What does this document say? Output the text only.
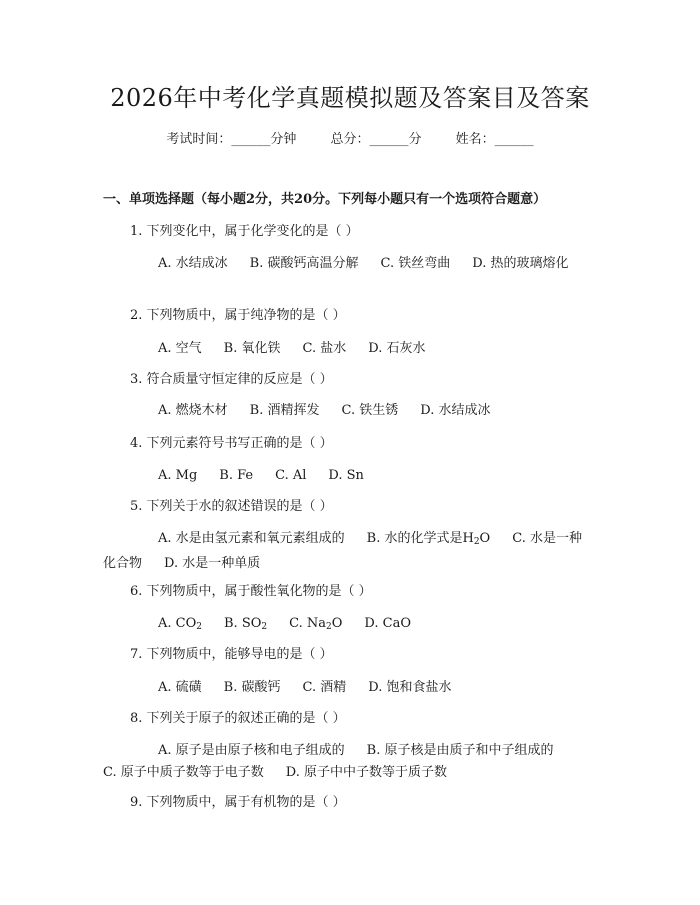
2026年中考化学真题模拟题及答案目及答案
考试时间：______分钟	总分：______分	姓名：______
一、单项选择题（每小题2分，共20分。下列每小题只有一个选项符合题意）
1. 下列变化中，属于化学变化的是（ ）
A. 水结成冰 B. 碳酸钙高温分解 C. 铁丝弯曲 D. 热的玻璃熔化
2. 下列物质中，属于纯净物的是（ ）
A. 空气 B. 氧化铁 C. 盐水 D. 石灰水
3. 符合质量守恒定律的反应是（ ）
A. 燃烧木材 B. 酒精挥发 C. 铁生锈 D. 水结成冰
4. 下列元素符号书写正确的是（ ）
A. Mg B. Fe C. Al D. Sn
5. 下列关于水的叙述错误的是（ ）
A. 水是由氢元素和氧元素组成的 B. 水的化学式是$H_2O$ C. 水是一种化合物 D. 水是一种单质
6. 下列物质中，属于酸性氧化物的是（ ）
A. $CO_2$ B. $SO_2$ C. $Na_2O$ D. CaO
7. 下列物质中，能够导电的是（ ）
A. 硫磺 B. 碳酸钙 C. 酒精 D. 饱和食盐水
8. 下列关于原子的叙述正确的是（ ）
A. 原子是由原子核和电子组成的 B. 原子核是由质子和中子组成的C. 原子中质子数等于电子数 D. 原子中中子数等于质子数
9. 下列物质中，属于有机物的是（ ）
